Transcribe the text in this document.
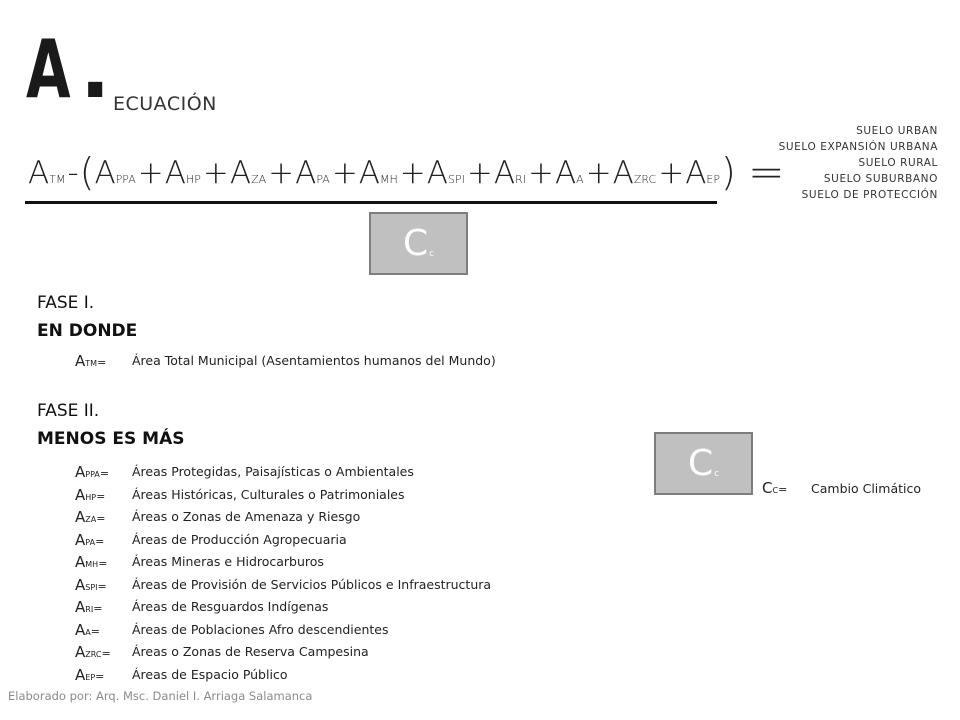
A . ECUACIÓN
ATM-(APPA+AHP+AZA+APA+AMH+ASPI+ARI+AA+AZRC+AEP) =
SUELO URBAN
SUELO EXPANSIÓN URBANA
SUELO RURAL
SUELO SUBURBANO
SUELO DE PROTECCIÓN
C c
C c
FASE I.
EN DONDE
ATM= Área Total Municipal (Asentamientos humanos del Mundo)
FASE II.
MENOS ES MÁS
APPA= Áreas Protegidas, Paisajísticas o Ambientales
AHP= Áreas Históricas, Culturales o Patrimoniales
AZA= Áreas o Zonas de Amenaza y Riesgo
APA= Áreas de Producción Agropecuaria
AMH= Áreas Mineras e Hidrocarburos
ASPI= Áreas de Provisión de Servicios Públicos e Infraestructura
ARI= Áreas de Resguardos Indígenas
AA=	Áreas de Poblaciones Afro descendientes
AZRC= Áreas o Zonas de Reserva Campesina
AEP= Áreas de Espacio Público
CC= Cambio Climático
Elaborado por: Arq. Msc. Daniel I. Arriaga Salamanca
